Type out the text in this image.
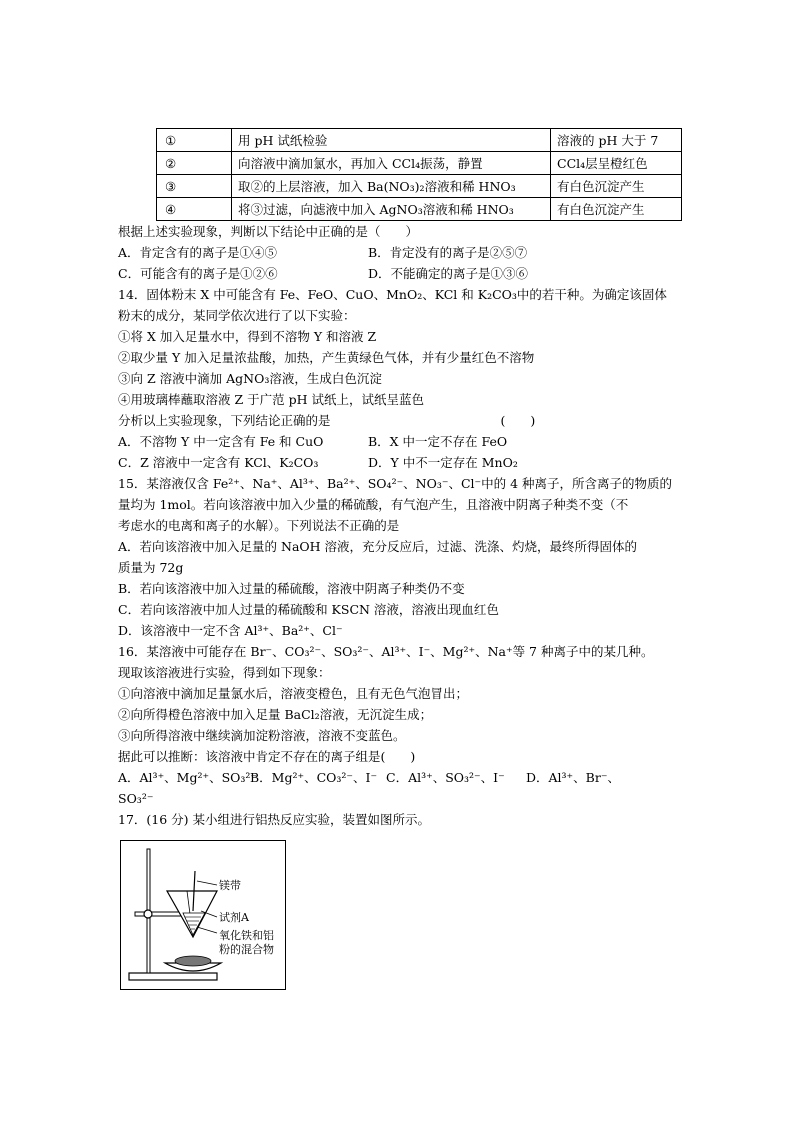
①	用 pH 试纸检验	溶液的 pH 大于 7
②	向溶液中滴加氯水，再加入 CCl₄振荡，静置	CCl₄层呈橙红色
③	取②的上层溶液，加入 Ba(NO₃)₂溶液和稀 HNO₃	有白色沉淀产生
④	将③过滤，向滤液中加入 AgNO₃溶液和稀 HNO₃	有白色沉淀产生
根据上述实验现象，判断以下结论中正确的是（　　）
A．肯定含有的离子是①④⑤	B．肯定没有的离子是②⑤⑦
C．可能含有的离子是①②⑥	D．不能确定的离子是①③⑥
14．固体粉末 X 中可能含有 Fe、FeO、CuO、MnO₂、KCl 和 K₂CO₃中的若干种。为确定该固体
粉末的成分，某同学依次进行了以下实验：
①将 X 加入足量水中，得到不溶物 Y 和溶液 Z
②取少量 Y 加入足量浓盐酸，加热，产生黄绿色气体，并有少量红色不溶物
③向 Z 溶液中滴加 AgNO₃溶液，生成白色沉淀
④用玻璃棒蘸取溶液 Z 于广范 pH 试纸上，试纸呈蓝色
分析以上实验现象，下列结论正确的是	(　　)
A．不溶物 Y 中一定含有 Fe 和 CuO	B．X 中一定不存在 FeO
C．Z 溶液中一定含有 KCl、K₂CO₃	D．Y 中不一定存在 MnO₂
15．某溶液仅含 Fe²⁺、Na⁺、Al³⁺、Ba²⁺、SO₄²⁻、NO₃⁻、Cl⁻中的 4 种离子，所含离子的物质的
量均为 1mol。若向该溶液中加入少量的稀硫酸，有气泡产生，且溶液中阴离子种类不变（不
考虑水的电离和离子的水解）。下列说法不正确的是
A．若向该溶液中加入足量的 NaOH 溶液，充分反应后，过滤、洗涤、灼烧，最终所得固体的
质量为 72g
B．若向该溶液中加入过量的稀硫酸，溶液中阴离子种类仍不变
C．若向该溶液中加人过量的稀硫酸和 KSCN 溶液，溶液出现血红色
D．该溶液中一定不含 Al³⁺、Ba²⁺、Cl⁻
16．某溶液中可能存在 Br⁻、CO₃²⁻、SO₃²⁻、Al³⁺、I⁻、Mg²⁺、Na⁺等 7 种离子中的某几种。
现取该溶液进行实验，得到如下现象：
①向溶液中滴加足量氯水后，溶液变橙色，且有无色气泡冒出；
②向所得橙色溶液中加入足量 BaCl₂溶液，无沉淀生成；
③向所得溶液中继续滴加淀粉溶液，溶液不变蓝色。
据此可以推断：该溶液中肯定不存在的离子组是(　　)
A．Al³⁺、Mg²⁺、SO₃²⁻
B．Mg²⁺、CO₃²⁻、I⁻ C．Al³⁺、SO₃²⁻、I⁻	D．Al³⁺、Br⁻、
SO₃²⁻
17．(16 分) 某小组进行铝热反应实验，装置如图所示。
镁带
试剂A
氧化铁和铝
粉的混合物
